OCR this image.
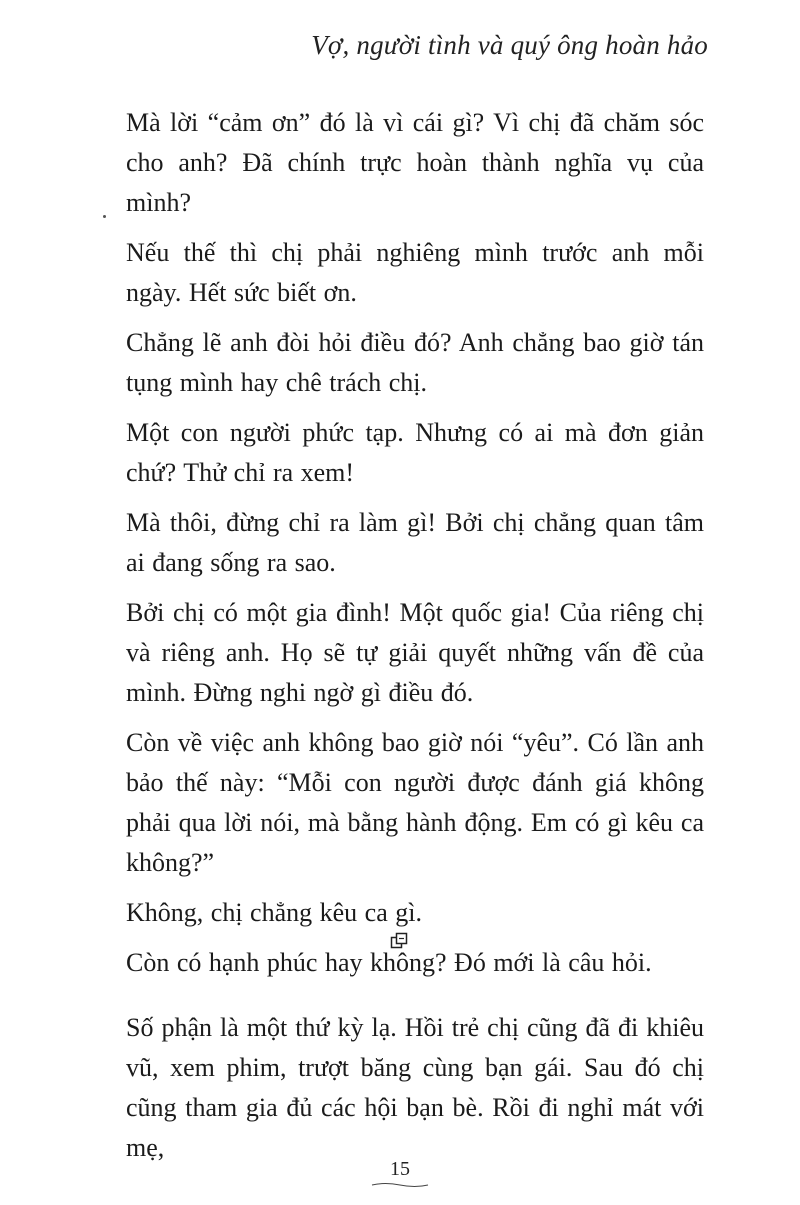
Vợ, người tình và quý ông hoàn hảo

Mà lời “cảm ơn” đó là vì cái gì? Vì chị đã chăm sóc cho anh? Đã chính trực hoàn thành nghĩa vụ của mình?

Nếu thế thì chị phải nghiêng mình trước anh mỗi ngày. Hết sức biết ơn.

Chẳng lẽ anh đòi hỏi điều đó? Anh chẳng bao giờ tán tụng mình hay chê trách chị.

Một con người phức tạp. Nhưng có ai mà đơn giản chứ? Thử chỉ ra xem!

Mà thôi, đừng chỉ ra làm gì! Bởi chị chẳng quan tâm ai đang sống ra sao.

Bởi chị có một gia đình! Một quốc gia! Của riêng chị và riêng anh. Họ sẽ tự giải quyết những vấn đề của mình. Đừng nghi ngờ gì điều đó.

Còn về việc anh không bao giờ nói “yêu”. Có lần anh bảo thế này: “Mỗi con người được đánh giá không phải qua lời nói, mà bằng hành động. Em có gì kêu ca không?”

Không, chị chẳng kêu ca gì.

Còn có hạnh phúc hay không? Đó mới là câu hỏi.

Số phận là một thứ kỳ lạ. Hồi trẻ chị cũng đã đi khiêu vũ, xem phim, trượt băng cùng bạn gái. Sau đó chị cũng tham gia đủ các hội bạn bè. Rồi đi nghỉ mát với mẹ,

15
